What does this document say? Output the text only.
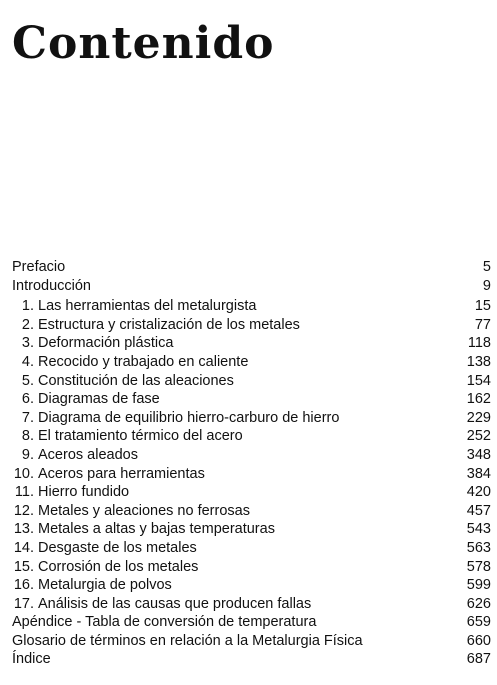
Contenido
Prefacio	5
Introducción	9
1. Las herramientas del metalurgista	15
2. Estructura y cristalización de los metales	77
3. Deformación plástica	118
4. Recocido y trabajado en caliente	138
5. Constitución de las aleaciones	154
6. Diagramas de fase	162
7. Diagrama de equilibrio hierro-carburo de hierro	229
8. El tratamiento térmico del acero	252
9. Aceros aleados	348
10. Aceros para herramientas	384
11. Hierro fundido	420
12. Metales y aleaciones no ferrosas	457
13. Metales a altas y bajas temperaturas	543
14. Desgaste de los metales	563
15. Corrosión de los metales	578
16. Metalurgia de polvos	599
17. Análisis de las causas que producen fallas	626
Apéndice - Tabla de conversión de temperatura	659
Glosario de términos en relación a la Metalurgia Física	660
Índice	687
